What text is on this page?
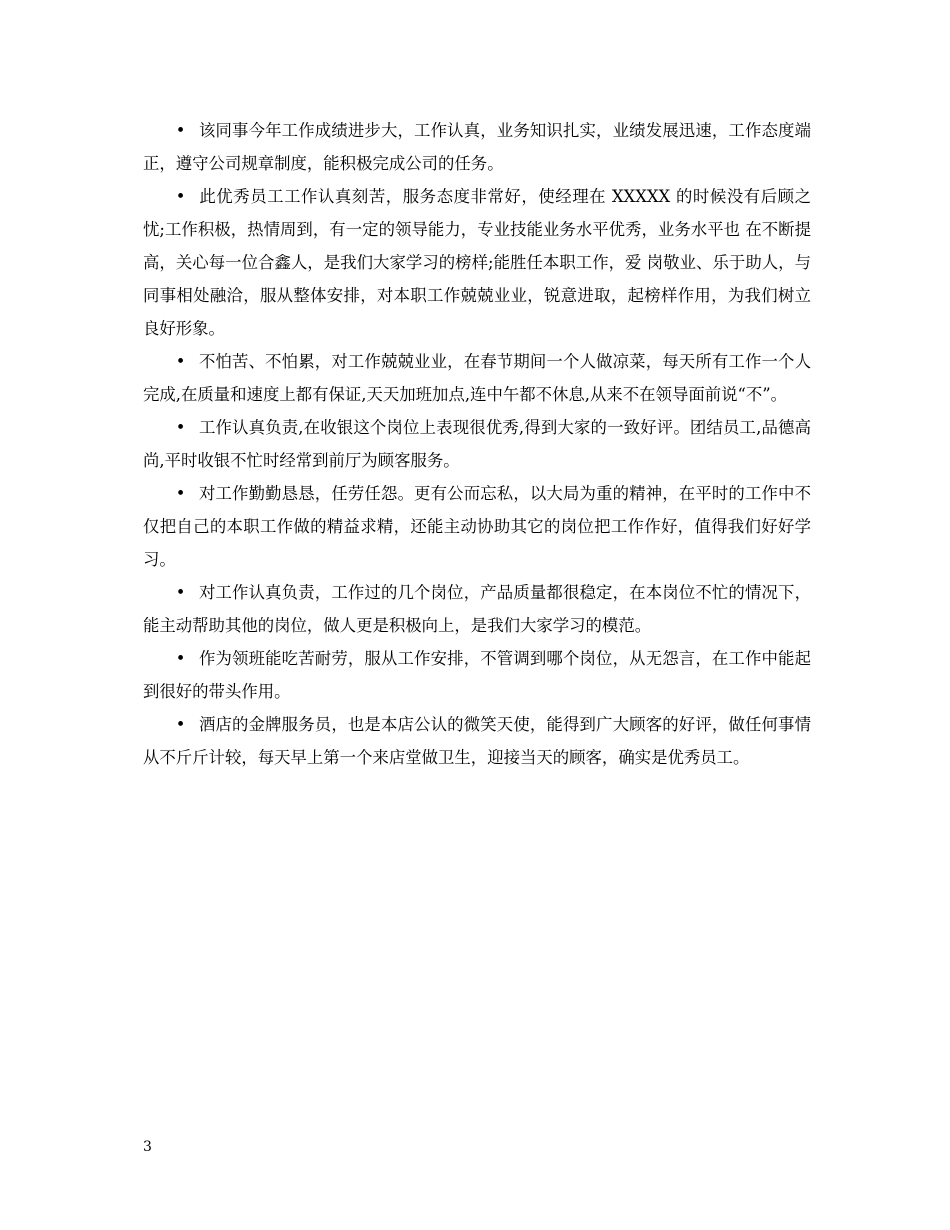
• 该同事今年工作成绩进步大，工作认真，业务知识扎实，业绩发展迅速，工作态度端正，遵守公司规章制度，能积极完成公司的任务。

• 此优秀员工工作认真刻苦，服务态度非常好，使经理在 XXXXX 的时候没有后顾之忧;工作积极，热情周到，有一定的领导能力，专业技能业务水平优秀，业务水平也 在不断提高，关心每一位合鑫人，是我们大家学习的榜样;能胜任本职工作，爱 岗敬业、乐于助人，与同事相处融洽，服从整体安排，对本职工作兢兢业业，锐意进取，起榜样作用，为我们树立良好形象。

• 不怕苦、不怕累，对工作兢兢业业，在春节期间一个人做凉菜，每天所有工作一个人完成,在质量和速度上都有保证,天天加班加点,连中午都不休息,从来不在领导面前说“不”。

• 工作认真负责,在收银这个岗位上表现很优秀,得到大家的一致好评。团结员工,品德高尚,平时收银不忙时经常到前厅为顾客服务。

• 对工作勤勤恳恳，任劳任怨。更有公而忘私，以大局为重的精神，在平时的工作中不仅把自己的本职工作做的精益求精，还能主动协助其它的岗位把工作作好，值得我们好好学习。

• 对工作认真负责，工作过的几个岗位，产品质量都很稳定，在本岗位不忙的情况下，能主动帮助其他的岗位，做人更是积极向上，是我们大家学习的模范。

• 作为领班能吃苦耐劳，服从工作安排，不管调到哪个岗位，从无怨言，在工作中能起到很好的带头作用。

• 酒店的金牌服务员，也是本店公认的微笑天使，能得到广大顾客的好评，做任何事情从不斤斤计较，每天早上第一个来店堂做卫生，迎接当天的顾客，确实是优秀员工。

3
